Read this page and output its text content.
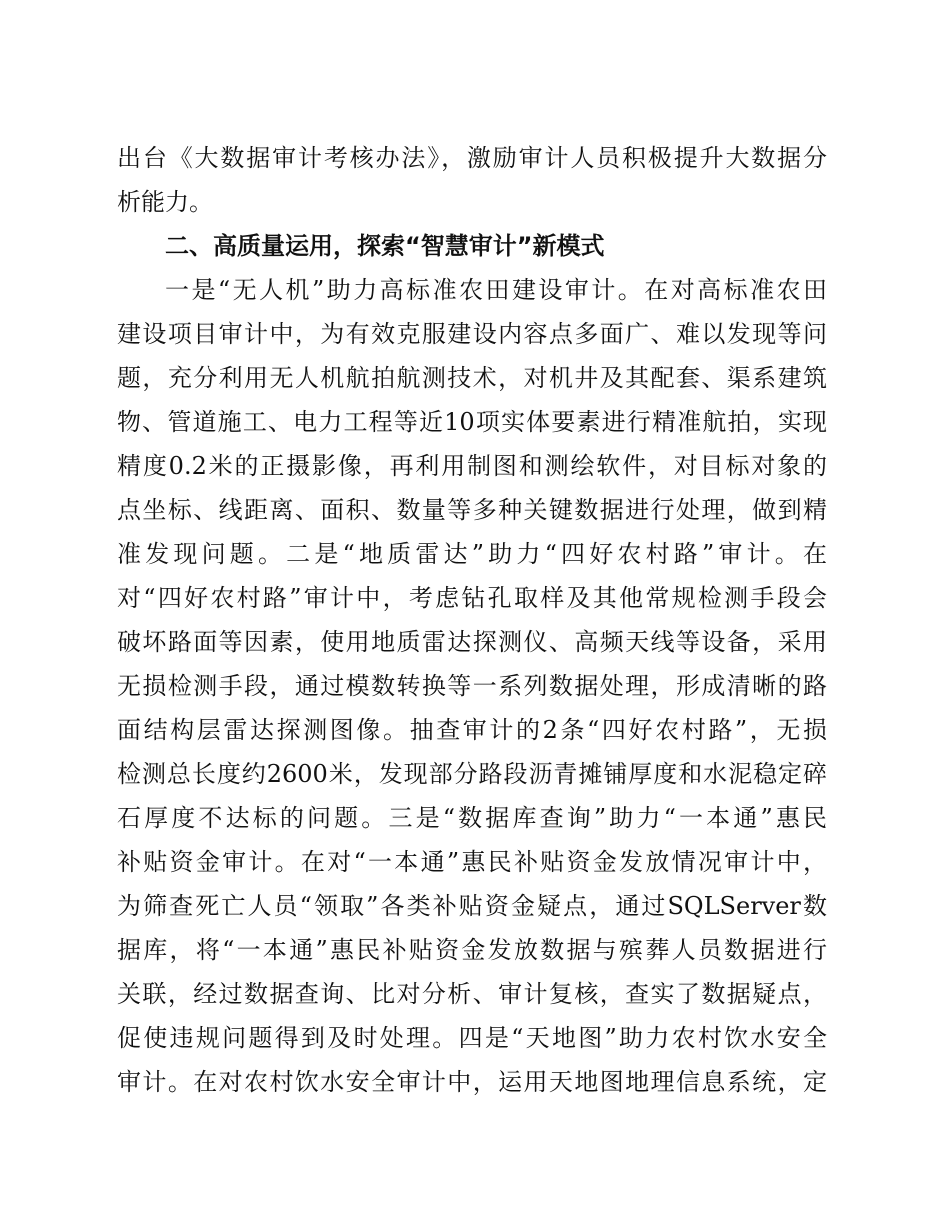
出台《大数据审计考核办法》，激励审计人员积极提升大数据分
析能力。
二、高质量运用，探索“智慧审计”新模式
一是“无人机”助力高标准农田建设审计。在对高标准农田
建设项目审计中，为有效克服建设内容点多面广、难以发现等问
题，充分利用无人机航拍航测技术，对机井及其配套、渠系建筑
物、管道施工、电力工程等近10项实体要素进行精准航拍，实现
精度0.2米的正摄影像，再利用制图和测绘软件，对目标对象的
点坐标、线距离、面积、数量等多种关键数据进行处理，做到精
准发现问题。二是“地质雷达”助力“四好农村路”审计。在
对“四好农村路”审计中，考虑钻孔取样及其他常规检测手段会
破坏路面等因素，使用地质雷达探测仪、高频天线等设备，采用
无损检测手段，通过模数转换等一系列数据处理，形成清晰的路
面结构层雷达探测图像。抽查审计的2条“四好农村路”，无损
检测总长度约2600米，发现部分路段沥青摊铺厚度和水泥稳定碎
石厚度不达标的问题。三是“数据库查询”助力“一本通”惠民
补贴资金审计。在对“一本通”惠民补贴资金发放情况审计中，
为筛查死亡人员“领取”各类补贴资金疑点，通过SQLServer数
据库，将“一本通”惠民补贴资金发放数据与殡葬人员数据进行
关联，经过数据查询、比对分析、审计复核，查实了数据疑点，
促使违规问题得到及时处理。四是“天地图”助力农村饮水安全
审计。在对农村饮水安全审计中，运用天地图地理信息系统，定
